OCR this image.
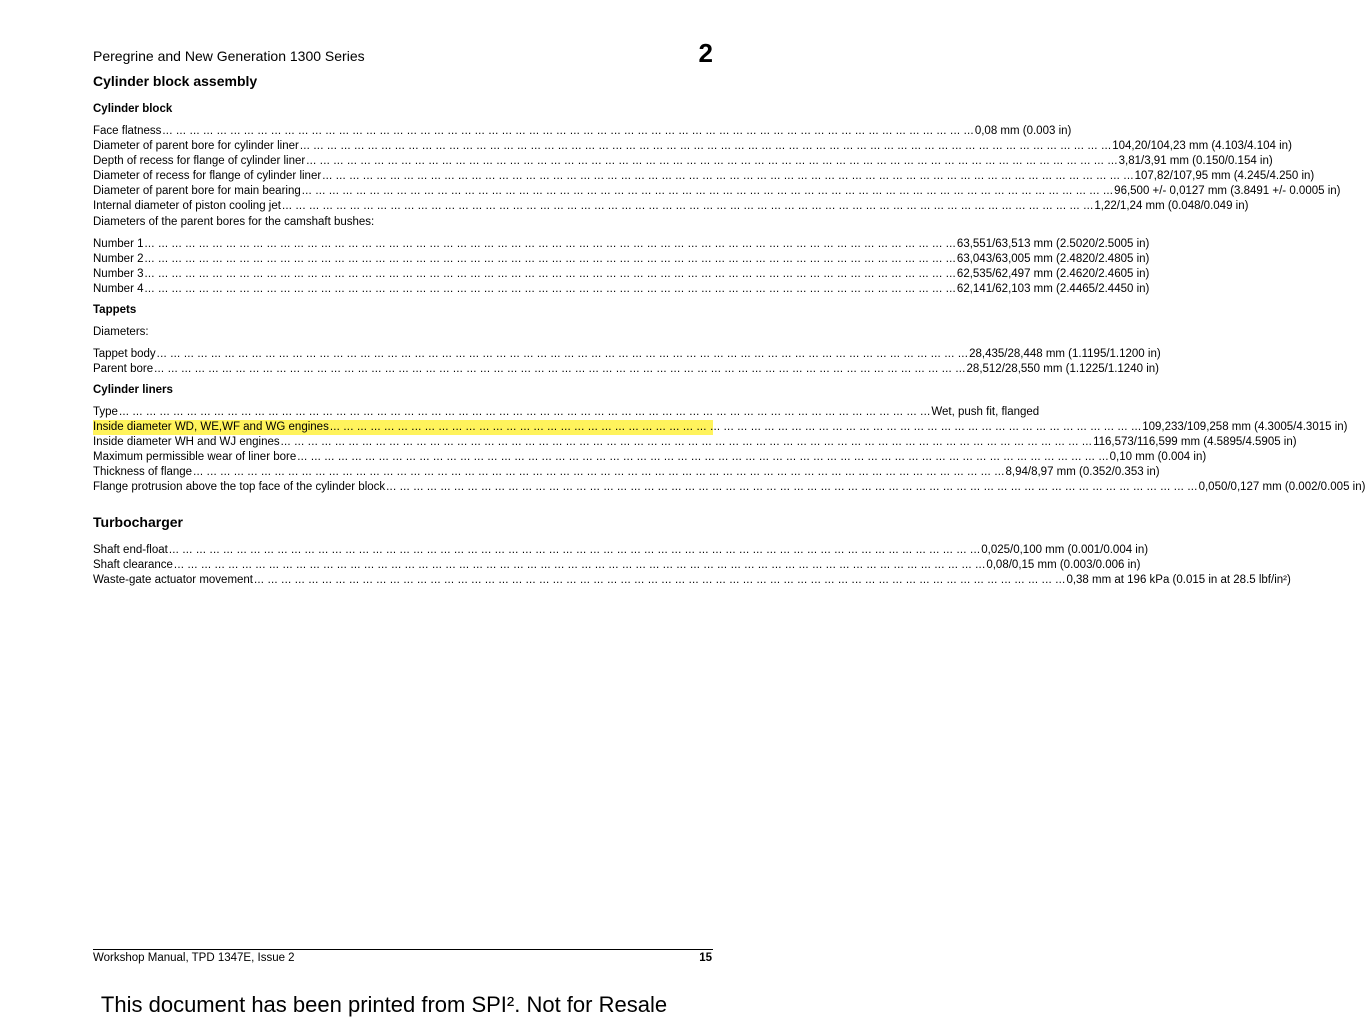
Peregrine and New Generation 1300 Series	2
Cylinder block assembly
Cylinder block
Face flatness ... ... ... ... ... ... ... ... ... ... ... ... ... ... ... ... ... ... ... ... ... ... ... ... ... ... ... ... ... ... ... ... ... ... ... ... ... ... ... ... ... ... ... ... ... ... ... ... ... ... ... ... ... ... ... ... ... ... ... ... 0,08 mm (0.003 in)
Diameter of parent bore for cylinder liner ... ... ... ... ... ... ... ... ... ... ... ... ... ... ... ... ... ... ... ... ... ... ... ... ... ... ... ... ... ... ... ... ... ... ... ... ... ... ... ... ... ... ... ... ... ... ... ... ... ... ... ... ... ... ... ... ... ... ... ... 104,20/104,23 mm (4.103/4.104 in)
Depth of recess for flange of cylinder liner ... ... ... ... ... ... ... ... ... ... ... ... ... ... ... ... ... ... ... ... ... ... ... ... ... ... ... ... ... ... ... ... ... ... ... ... ... ... ... ... ... ... ... ... ... ... ... ... ... ... ... ... ... ... ... ... ... ... ... ... 3,81/3,91 mm (0.150/0.154 in)
Diameter of recess for flange of cylinder liner ... ... ... ... ... ... ... ... ... ... ... ... ... ... ... ... ... ... ... ... ... ... ... ... ... ... ... ... ... ... ... ... ... ... ... ... ... ... ... ... ... ... ... ... ... ... ... ... ... ... ... ... ... ... ... ... ... ... ... ... 107,82/107,95 mm (4.245/4.250 in)
Diameter of parent bore for main bearing ... ... ... ... ... ... ... ... ... ... ... ... ... ... ... ... ... ... ... ... ... ... ... ... ... ... ... ... ... ... ... ... ... ... ... ... ... ... ... ... ... ... ... ... ... ... ... ... ... ... ... ... ... ... ... ... ... ... ... ... 96,500 +/- 0,0127 mm (3.8491 +/- 0.0005 in)
Internal diameter of piston cooling jet ... ... ... ... ... ... ... ... ... ... ... ... ... ... ... ... ... ... ... ... ... ... ... ... ... ... ... ... ... ... ... ... ... ... ... ... ... ... ... ... ... ... ... ... ... ... ... ... ... ... ... ... ... ... ... ... ... ... ... ... 1,22/1,24 mm (0.048/0.049 in)
Diameters of the parent bores for the camshaft bushes:
Number 1 ... ... ... ... ... ... ... ... ... ... ... ... ... ... ... ... ... ... ... ... ... ... ... ... ... ... ... ... ... ... ... ... ... ... ... ... ... ... ... ... ... ... ... ... ... ... ... ... ... ... ... ... ... ... ... ... ... ... ... ... 63,551/63,513 mm (2.5020/2.5005 in)
Number 2 ... ... ... ... ... ... ... ... ... ... ... ... ... ... ... ... ... ... ... ... ... ... ... ... ... ... ... ... ... ... ... ... ... ... ... ... ... ... ... ... ... ... ... ... ... ... ... ... ... ... ... ... ... ... ... ... ... ... ... ... 63,043/63,005 mm (2.4820/2.4805 in)
Number 3 ... ... ... ... ... ... ... ... ... ... ... ... ... ... ... ... ... ... ... ... ... ... ... ... ... ... ... ... ... ... ... ... ... ... ... ... ... ... ... ... ... ... ... ... ... ... ... ... ... ... ... ... ... ... ... ... ... ... ... ... 62,535/62,497 mm (2.4620/2.4605 in)
Number 4 ... ... ... ... ... ... ... ... ... ... ... ... ... ... ... ... ... ... ... ... ... ... ... ... ... ... ... ... ... ... ... ... ... ... ... ... ... ... ... ... ... ... ... ... ... ... ... ... ... ... ... ... ... ... ... ... ... ... ... ... 62,141/62,103 mm (2.4465/2.4450 in)
Tappets
Diameters:
Tappet body ... ... ... ... ... ... ... ... ... ... ... ... ... ... ... ... ... ... ... ... ... ... ... ... ... ... ... ... ... ... ... ... ... ... ... ... ... ... ... ... ... ... ... ... ... ... ... ... ... ... ... ... ... ... ... ... ... ... ... ... 28,435/28,448 mm (1.1195/1.1200 in)
Parent bore ... ... ... ... ... ... ... ... ... ... ... ... ... ... ... ... ... ... ... ... ... ... ... ... ... ... ... ... ... ... ... ... ... ... ... ... ... ... ... ... ... ... ... ... ... ... ... ... ... ... ... ... ... ... ... ... ... ... ... ... 28,512/28,550 mm (1.1225/1.1240 in)
Cylinder liners
Type ... ... ... ... ... ... ... ... ... ... ... ... ... ... ... ... ... ... ... ... ... ... ... ... ... ... ... ... ... ... ... ... ... ... ... ... ... ... ... ... ... ... ... ... ... ... ... ... ... ... ... ... ... ... ... ... ... ... ... ... Wet, push fit, flanged
Inside diameter WD, WE,WF and WG engines ... ... ... ... ... ... ... ... ... ... ... ... ... ... ... ... ... ... ... ... ... ... ... ... ... ... ... ... ... ... ... ... ... ... ... ... ... ... ... ... ... ... ... ... ... ... ... ... ... ... ... ... ... ... ... ... ... ... ... ... 109,233/109,258 mm (4.3005/4.3015 in)
Inside diameter WH and WJ engines ... ... ... ... ... ... ... ... ... ... ... ... ... ... ... ... ... ... ... ... ... ... ... ... ... ... ... ... ... ... ... ... ... ... ... ... ... ... ... ... ... ... ... ... ... ... ... ... ... ... ... ... ... ... ... ... ... ... ... ... 116,573/116,599 mm (4.5895/4.5905 in)
Maximum permissible wear of liner bore ... ... ... ... ... ... ... ... ... ... ... ... ... ... ... ... ... ... ... ... ... ... ... ... ... ... ... ... ... ... ... ... ... ... ... ... ... ... ... ... ... ... ... ... ... ... ... ... ... ... ... ... ... ... ... ... ... ... ... ... 0,10 mm (0.004 in)
Thickness of flange ... ... ... ... ... ... ... ... ... ... ... ... ... ... ... ... ... ... ... ... ... ... ... ... ... ... ... ... ... ... ... ... ... ... ... ... ... ... ... ... ... ... ... ... ... ... ... ... ... ... ... ... ... ... ... ... ... ... ... ... 8,94/8,97 mm (0.352/0.353 in)
Flange protrusion above the top face of the cylinder block ... ... ... ... ... ... ... ... ... ... ... ... ... ... ... ... ... ... ... ... ... ... ... ... ... ... ... ... ... ... ... ... ... ... ... ... ... ... ... ... ... ... ... ... ... ... ... ... ... ... ... ... ... ... ... ... ... ... ... ... 0,050/0,127 mm (0.002/0.005 in)
Turbocharger
Shaft end-float ... ... ... ... ... ... ... ... ... ... ... ... ... ... ... ... ... ... ... ... ... ... ... ... ... ... ... ... ... ... ... ... ... ... ... ... ... ... ... ... ... ... ... ... ... ... ... ... ... ... ... ... ... ... ... ... ... ... ... ... 0,025/0,100 mm (0.001/0.004 in)
Shaft clearance ... ... ... ... ... ... ... ... ... ... ... ... ... ... ... ... ... ... ... ... ... ... ... ... ... ... ... ... ... ... ... ... ... ... ... ... ... ... ... ... ... ... ... ... ... ... ... ... ... ... ... ... ... ... ... ... ... ... ... ... 0,08/0,15 mm (0.003/0.006 in)
Waste-gate actuator movement ... ... ... ... ... ... ... ... ... ... ... ... ... ... ... ... ... ... ... ... ... ... ... ... ... ... ... ... ... ... ... ... ... ... ... ... ... ... ... ... ... ... ... ... ... ... ... ... ... ... ... ... ... ... ... ... ... ... ... ... 0,38 mm at 196 kPa (0.015 in at 28.5 lbf/in²)
Workshop Manual, TPD 1347E, Issue 2	15
This document has been printed from SPI². Not for Resale
